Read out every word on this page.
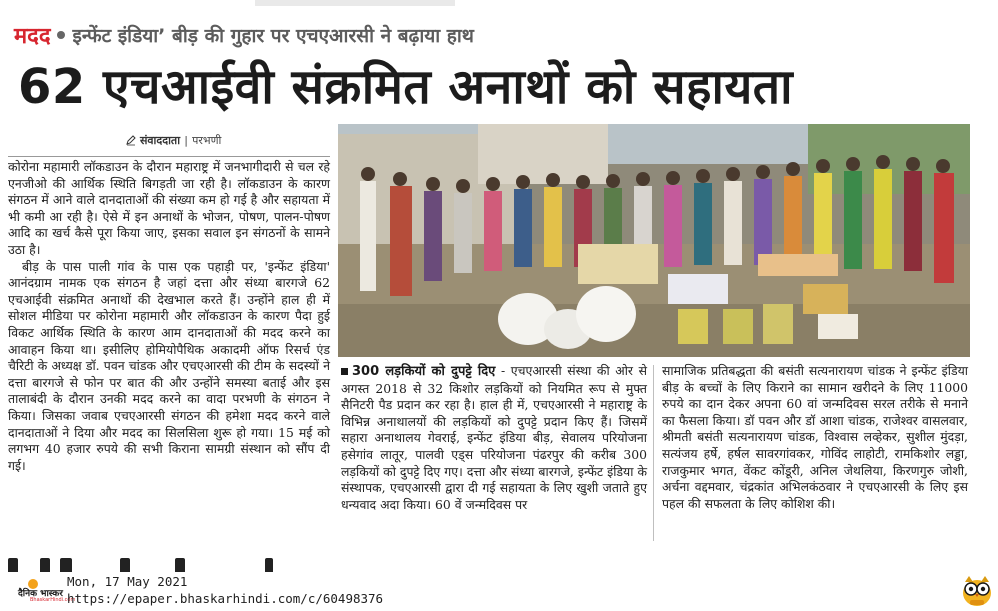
मदद इन्फेंट इंडिया’ बीड़ की गुहार पर एचएआरसी ने बढ़ाया हाथ
62 एचआईवी संक्रमित अनाथों को सहायता
संवाददाता | परभणी

कोरोना महामारी लॉकडाउन के दौरान महाराष्ट्र में जनभागीदारी से चल रहे एनजीओ की आर्थिक स्थिति बिगड़ती जा रही है। लॉकडाउन के कारण संगठन में आने वाले दानदाताओं की संख्या कम हो गई है और सहायता में भी कमी आ रही है। ऐसे में इन अनाथों के भोजन, पोषण, पालन-पोषण आदि का खर्च कैसे पूरा किया जाए, इसका सवाल इन संगठनों के सामने उठा है।

बीड़ के पास पाली गांव के पास एक पहाड़ी पर, 'इन्फेंट इंडिया' आनंदग्राम नामक एक संगठन है जहां दत्ता और संध्या बारगजे 62 एचआईवी संक्रमित अनाथों की देखभाल करते हैं। उन्होंने हाल ही में सोशल मीडिया पर कोरोना महामारी और लॉकडाउन के कारण पैदा हुई विकट आर्थिक स्थिति के कारण आम दानदाताओं की मदद करने का आवाहन किया था। इसीलिए होमियोपैथिक अकादमी ऑफ रिसर्च एंड चैरिटी के अध्यक्ष डॉ. पवन चांडक और एचएआरसी की टीम के सदस्यों ने दत्ता बारगजे से फोन पर बात की और उन्होंने समस्या बताई और इस तालाबंदी के दौरान उनकी मदद करने का वादा परभणी के संगठन ने किया। जिसका जवाब एचएआरसी संगठन की हमेशा मदद करने वाले दानदाताओं ने दिया और मदद का सिलसिला शुरू हो गया। 15 मई को लगभग 40 हजार रुपये की सभी किराना सामग्री संस्थान को सौंप दी गई।

300 लड़कियों को दुपट्टे दिए - एचएआरसी संस्था की ओर से अगस्त 2018 से 32 किशोर लड़कियों को नियमित रूप से मुफ्त सैनिटरी पैड प्रदान कर रहा है। हाल ही में, एचएआरसी ने महाराष्ट्र के विभिन्न अनाथालयों की लड़कियों को दुपट्टे प्रदान किए हैं। जिसमें सहारा अनाथालय गेवराई, इन्फेंट इंडिया बीड़, सेवालय परियोजना हसेगांव लातूर, पालवी एड्स परियोजना पंढरपुर की करीब 300 लड़कियों को दुपट्टे दिए गए। दत्ता और संध्या बारगजे, इन्फेंट इंडिया के संस्थापक, एचएआरसी द्वारा दी गई सहायता के लिए खुशी जताते हुए धन्यवाद अदा किया। 60 वें जन्मदिवस पर

सामाजिक प्रतिबद्धता की बसंती सत्यनारायण चांडक ने इन्फेंट इंडिया बीड़ के बच्चों के लिए किराने का सामान खरीदने के लिए 11000 रुपये का दान देकर अपना 60 वां जन्मदिवस सरल तरीके से मनाने का फैसला किया। डॉ पवन और डॉ आशा चांडक, राजेश्वर वासलवार, श्रीमती बसंती सत्यनारायण चांडक, विश्वास लव्हेकर, सुशील मुंदड़ा, सत्यंजय हर्षे, हर्षल सावरगांवकर, गोविंद लाहोटी, रामकिशोर लड्डा, राजकुमार भगत, वेंकट कोंडूरी, अनिल जेथलिया, किरणगुरु जोशी, अर्चना वद्दमवार, चंद्रकांत अभिलकंठवार ने एचएआरसी के लिए इस पहल की सफलता के लिए कोशिश की।

दैनिक भास्कर
BhaskarHindi.com
Mon, 17 May 2021
https://epaper.bhaskarhindi.com/c/60498376
